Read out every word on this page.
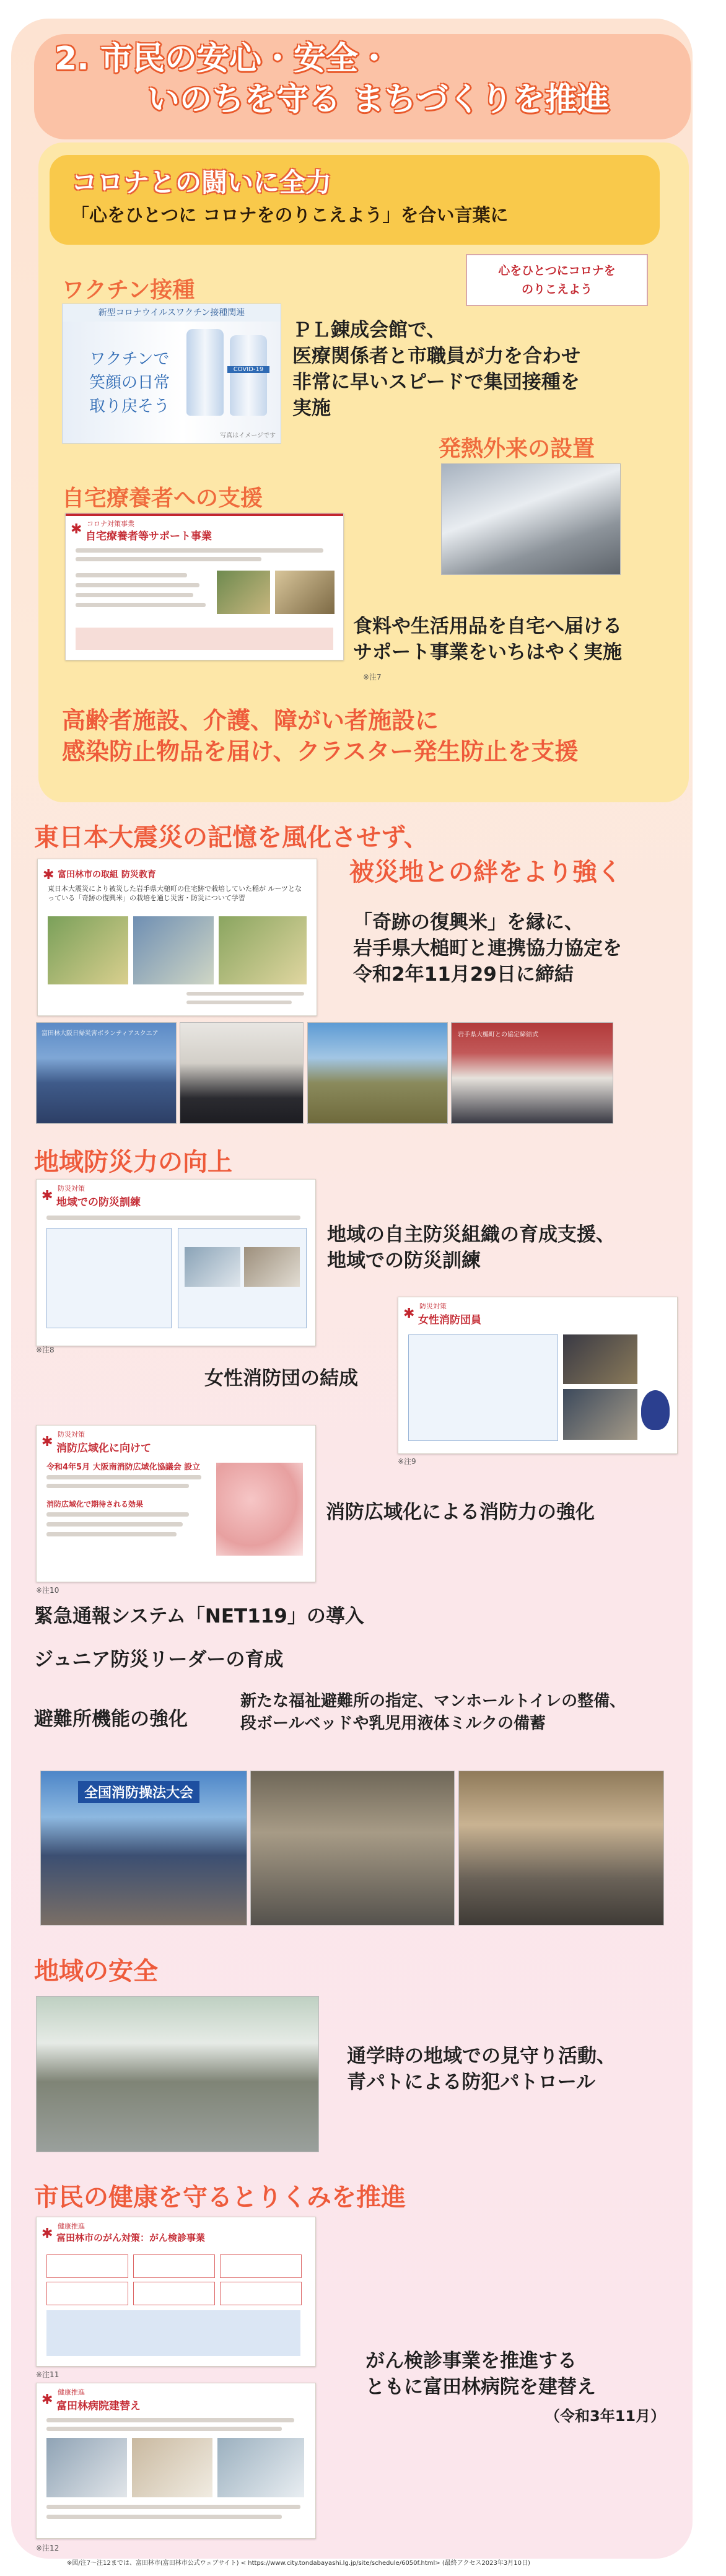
2. 市民の安心・安全・
いのちを守る まちづくりを推進
コロナとの闘いに全力
「心をひとつに コロナをのりこえよう」を合い言葉に
ワクチン接種
心をひとつにコロナを
のりこえよう
新型コロナウイルスワクチン接種関連
ワクチンで
笑顔の日常
取り戻そう
COVID-19
写真はイメージです
ＰＬ錬成会館で、
医療関係者と市職員が力を合わせ
非常に早いスピードで集団接種を
実施
発熱外来の設置
自宅療養者への支援
コロナ対策事業
✱ 自宅療養者等サポート事業
※注7
食料や生活用品を自宅へ届ける
サポート事業をいちはやく実施
高齢者施設、介護、障がい者施設に
感染防止物品を届け、クラスター発生防止を支援
東日本大震災の記憶を風化させず、
被災地との絆をより強く
✱ 富田林市の取組 防災教育
東日本大震災により被災した岩手県大槌町の住宅跡で栽培していた稲が ルーツとなっている「奇跡の復興米」の栽培を通じ災害・防災について学習
「奇跡の復興米」を縁に、
岩手県大槌町と連携協力協定を
令和2年11月29日に締結
富田林大阪日帰災害ボランティアスクエア	岩手県大槌町との協定締結式
地域防災力の向上
防災対策
✱ 地域での防災訓練
※注8
地域の自主防災組織の育成支援、
地域での防災訓練
防災対策
✱ 女性消防団員
※注9
女性消防団の結成
防災対策
✱ 消防広域化に向けて
令和4年5月 大阪南消防広域化協議会 設立
消防広域化で期待される効果
※注10
消防広域化による消防力の強化
緊急通報システム「NET119」の導入
ジュニア防災リーダーの育成
避難所機能の強化
新たな福祉避難所の指定、マンホールトイレの整備、
段ボールベッドや乳児用液体ミルクの備蓄
全国消防操法大会
地域の安全
通学時の地域での見守り活動、
青パトによる防犯パトロール
市民の健康を守るとりくみを推進
健康推進
✱ 富田林市のがん対策：がん検診事業
※注11
健康推進
✱ 富田林病院建替え
※注12
がん検診事業を推進する
ともに富田林病院を建替え
（令和3年11月）
※図/注7〜注12までは、富田林市(富田林市公式ウェブサイト) < https://www.city.tondabayashi.lg.jp/site/schedule/6050f.html> (最終アクセス2023年3月10日)
